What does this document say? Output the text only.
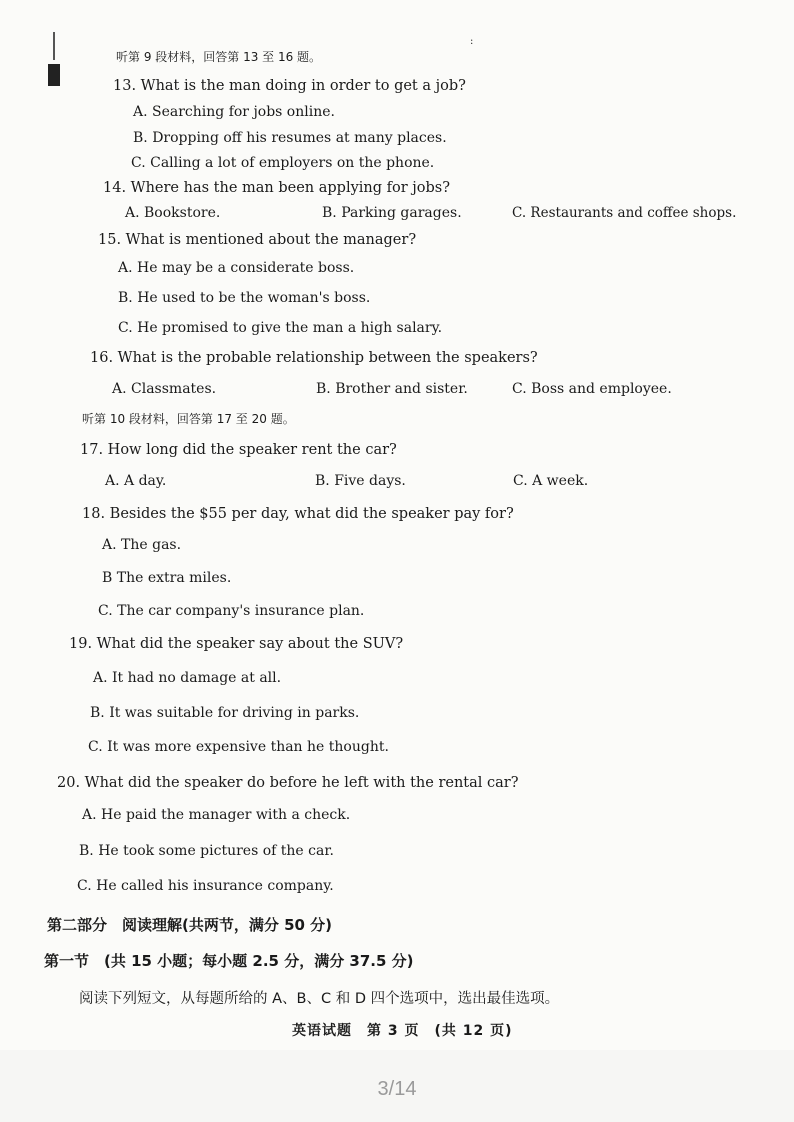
:
听第 9 段材料，回答第 13 至 16 题。
13. What is the man doing in order to get a job?
A. Searching for jobs online.
B. Dropping off his resumes at many places.
C. Calling a lot of employers on the phone.
14. Where has the man been applying for jobs?
A. Bookstore.	B. Parking garages.	C. Restaurants and coffee shops.
15. What is mentioned about the manager?
A. He may be a considerate boss.
B. He used to be the woman's boss.
C. He promised to give the man a high salary.
16. What is the probable relationship between the speakers?
A. Classmates.	B. Brother and sister.	C. Boss and employee.
听第 10 段材料，回答第 17 至 20 题。
17. How long did the speaker rent the car?
A. A day.	B. Five days.	C. A week.
18. Besides the $55 per day, what did the speaker pay for?
A. The gas.
B The extra miles.
C. The car company's insurance plan.
19. What did the speaker say about the SUV?
A. It had no damage at all.
B. It was suitable for driving in parks.
C. It was more expensive than he thought.
20. What did the speaker do before he left with the rental car?
A. He paid the manager with a check.
B. He took some pictures of the car.
C. He called his insurance company.
第二部分　阅读理解(共两节，满分 50 分)
第一节　(共 15 小题；每小题 2.5 分，满分 37.5 分)
阅读下列短文，从每题所给的 A、B、C 和 D 四个选项中，选出最佳选项。
英语试题　第 3 页　(共 12 页)
3/14
